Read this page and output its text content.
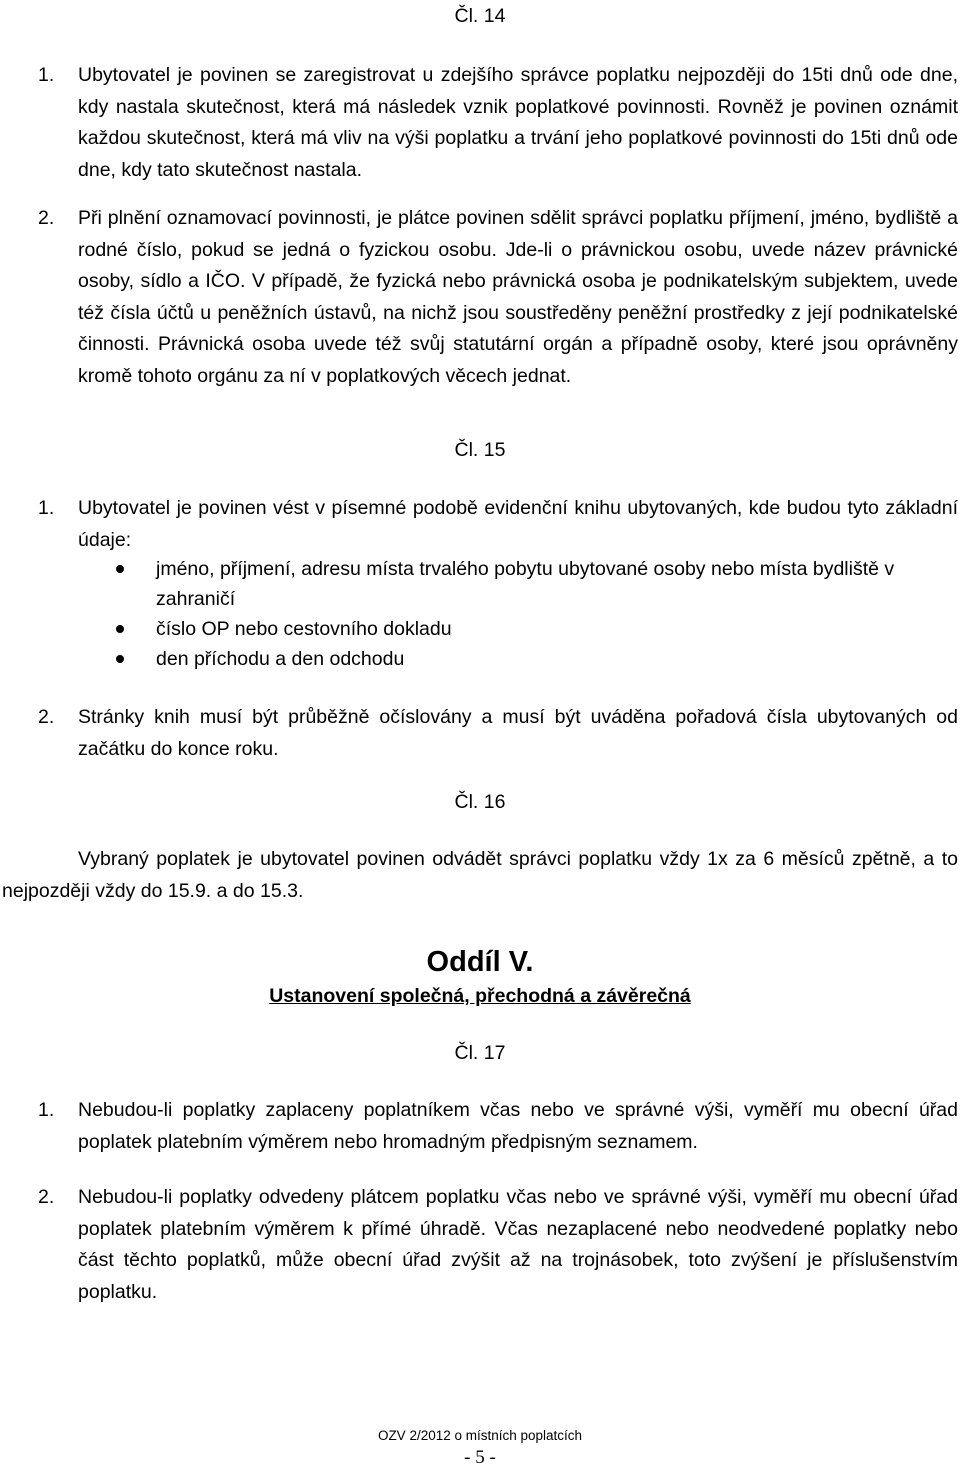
Čl. 14
1. Ubytovatel je povinen se zaregistrovat u zdejšího správce poplatku nejpozději do 15ti dnů ode dne, kdy nastala skutečnost, která má následek vznik poplatkové povinnosti. Rovněž je povinen oznámit každou skutečnost, která má vliv na výši poplatku a trvání jeho poplatkové povinnosti do 15ti dnů ode dne, kdy tato skutečnost nastala.
2. Při plnění oznamovací povinnosti, je plátce povinen sdělit správci poplatku příjmení, jméno, bydliště a rodné číslo, pokud se jedná o fyzickou osobu. Jde-li o právnickou osobu, uvede název právnické osoby, sídlo a IČO. V případě, že fyzická nebo právnická osoba je podnikatelským subjektem, uvede též čísla účtů u peněžních ústavů, na nichž jsou soustředěny peněžní prostředky z její podnikatelské činnosti. Právnická osoba uvede též svůj statutární orgán a případně osoby, které jsou oprávněny kromě tohoto orgánu za ní v poplatkových věcech jednat.
Čl. 15
1. Ubytovatel je povinen vést v písemné podobě evidenční knihu ubytovaných, kde budou tyto základní údaje:
jméno, příjmení, adresu místa trvalého pobytu ubytované osoby nebo místa bydliště v zahraničí
číslo OP nebo cestovního dokladu
den příchodu a den odchodu
2. Stránky knih musí být průběžně očíslovány a musí být uváděna pořadová čísla ubytovaných od začátku do konce roku.
Čl. 16
Vybraný poplatek je ubytovatel povinen odvádět správci poplatku vždy 1x za 6 měsíců zpětně, a to nejpozději vždy do 15.9. a do 15.3.
Oddíl V.
Ustanovení společná, přechodná a závěrečná
Čl. 17
1. Nebudou-li poplatky zaplaceny poplatníkem včas nebo ve správné výši, vyměří mu obecní úřad poplatek platebním výměrem nebo hromadným předpisným seznamem.
2. Nebudou-li poplatky odvedeny plátcem poplatku včas nebo ve správné výši, vyměří mu obecní úřad poplatek platebním výměrem k přímé úhradě. Včas nezaplacené nebo neodvedené poplatky nebo část těchto poplatků, může obecní úřad zvýšit až na trojnásobek, toto zvýšení je příslušenstvím poplatku.
OZV 2/2012 o místních poplatcích
- 5 -
